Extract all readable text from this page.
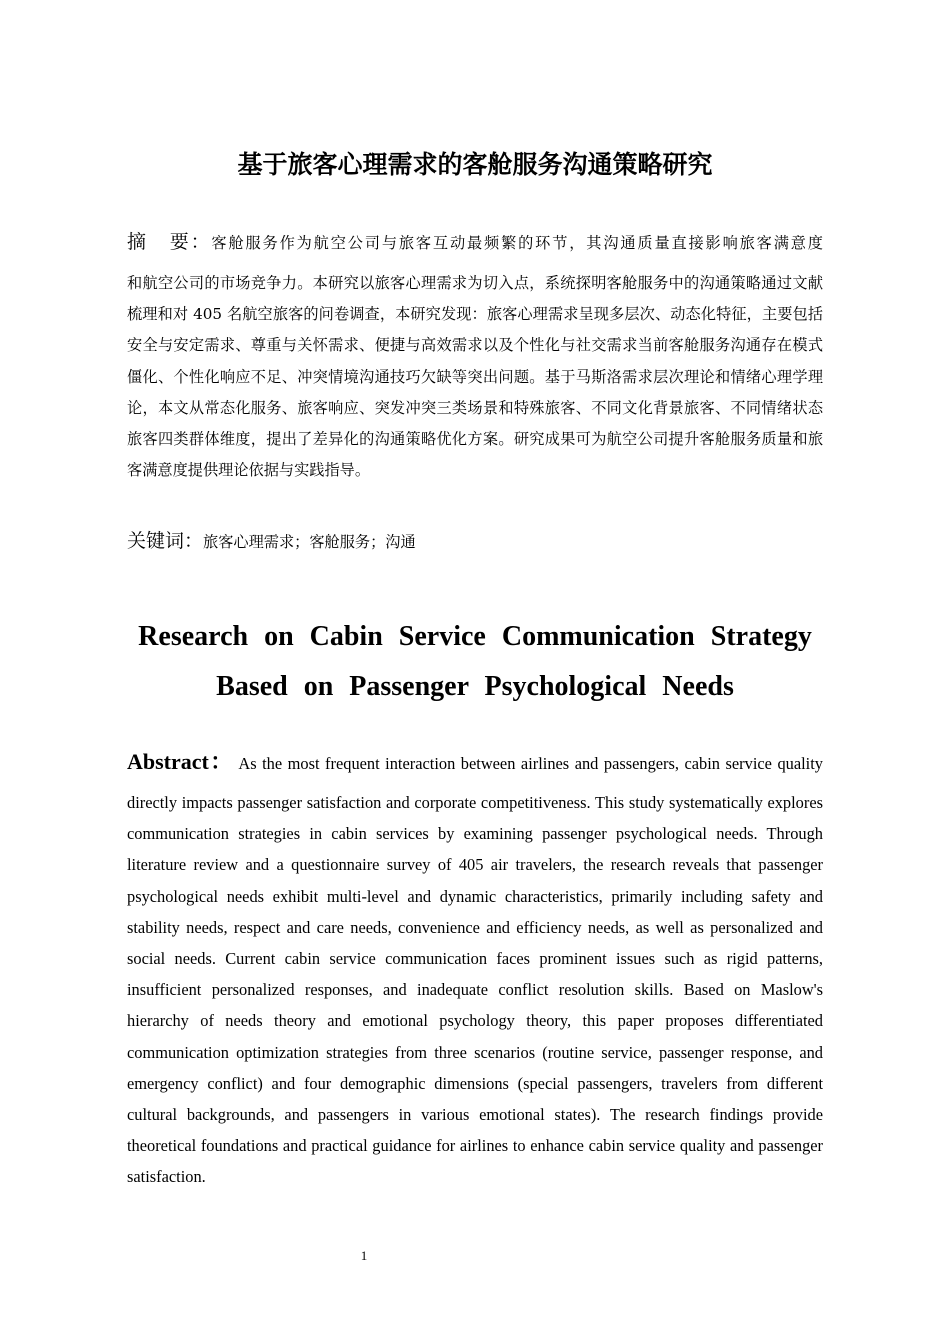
基于旅客心理需求的客舱服务沟通策略研究

摘 要：客舱服务作为航空公司与旅客互动最频繁的环节，其沟通质量直接影响旅客满意度
和航空公司的市场竞争力。本研究以旅客心理需求为切入点，系统探明客舱服务中的沟通策略通过文献梳理和对 405 名航空旅客的问卷调查，本研究发现：旅客心理需求呈现多层次、动态化特征，主要包括安全与安定需求、尊重与关怀需求、便捷与高效需求以及个性化与社交需求当前客舱服务沟通存在模式僵化、个性化响应不足、冲突情境沟通技巧欠缺等突出问题。基于马斯洛需求层次理论和情绪心理学理论，本文从常态化服务、旅客响应、突发冲突三类场景和特殊旅客、不同文化背景旅客、不同情绪状态旅客四类群体维度，提出了差异化的沟通策略优化方案。研究成果可为航空公司提升客舱服务质量和旅客满意度提供理论依据与实践指导。

关键词：旅客心理需求；客舱服务；沟通

Research on Cabin Service Communication Strategy
Based on Passenger Psychological Needs

Abstract： As the most frequent interaction between airlines and passengers, cabin service quality
directly impacts passenger satisfaction and corporate competitiveness. This study systematically explores communication strategies in cabin services by examining passenger psychological needs. Through literature review and a questionnaire survey of 405 air travelers, the research reveals that passenger psychological needs exhibit multi-level and dynamic characteristics, primarily including safety and stability needs, respect and care needs, convenience and efficiency needs, as well as personalized and social needs. Current cabin service communication faces prominent issues such as rigid patterns, insufficient personalized responses, and inadequate conflict resolution skills. Based on Maslow's hierarchy of needs theory and emotional psychology theory, this paper proposes differentiated communication optimization strategies from three scenarios (routine service, passenger response, and emergency conflict) and four demographic dimensions (special passengers, travelers from different cultural backgrounds, and passengers in various emotional states). The research findings provide theoretical foundations and practical guidance for airlines to enhance cabin service quality and passenger satisfaction.

1
